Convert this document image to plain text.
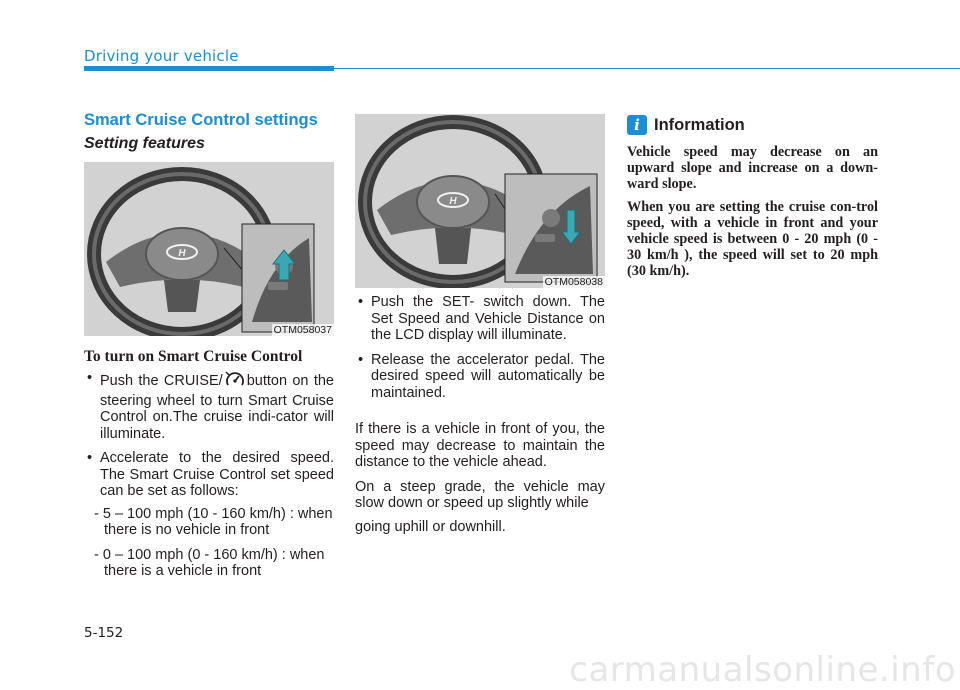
Driving your vehicle
Smart Cruise Control settings
Setting features
H
OTM058037
To turn on Smart Cruise Control
• Push the CRUISE/ button on the steering wheel to turn Smart Cruise Control on.The cruise indi-cator will illuminate.
• Accelerate to the desired speed. The Smart Cruise Control set speed can be set as follows:
- 5 – 100 mph (10 - 160 km/h) : when there is no vehicle in front
- 0 – 100 mph (0 - 160 km/h) : when there is a vehicle in front
H
OTM058038
• Push the SET- switch down. The Set Speed and Vehicle Distance on the LCD display will illuminate.
• Release the accelerator pedal. The desired speed will automatically be maintained.

If there is a vehicle in front of you, the speed may decrease to maintain the distance to the vehicle ahead.

On a steep grade, the vehicle may slow down or speed up slightly while

going uphill or downhill.

i Information

Vehicle speed may decrease on an upward slope and increase on a down-ward slope.

When you are setting the cruise con-trol speed, with a vehicle in front and your vehicle speed is between 0 - 20 mph (0 - 30 km/h ), the speed will set to 20 mph (30 km/h).

5-152
carmanualsonline.info
